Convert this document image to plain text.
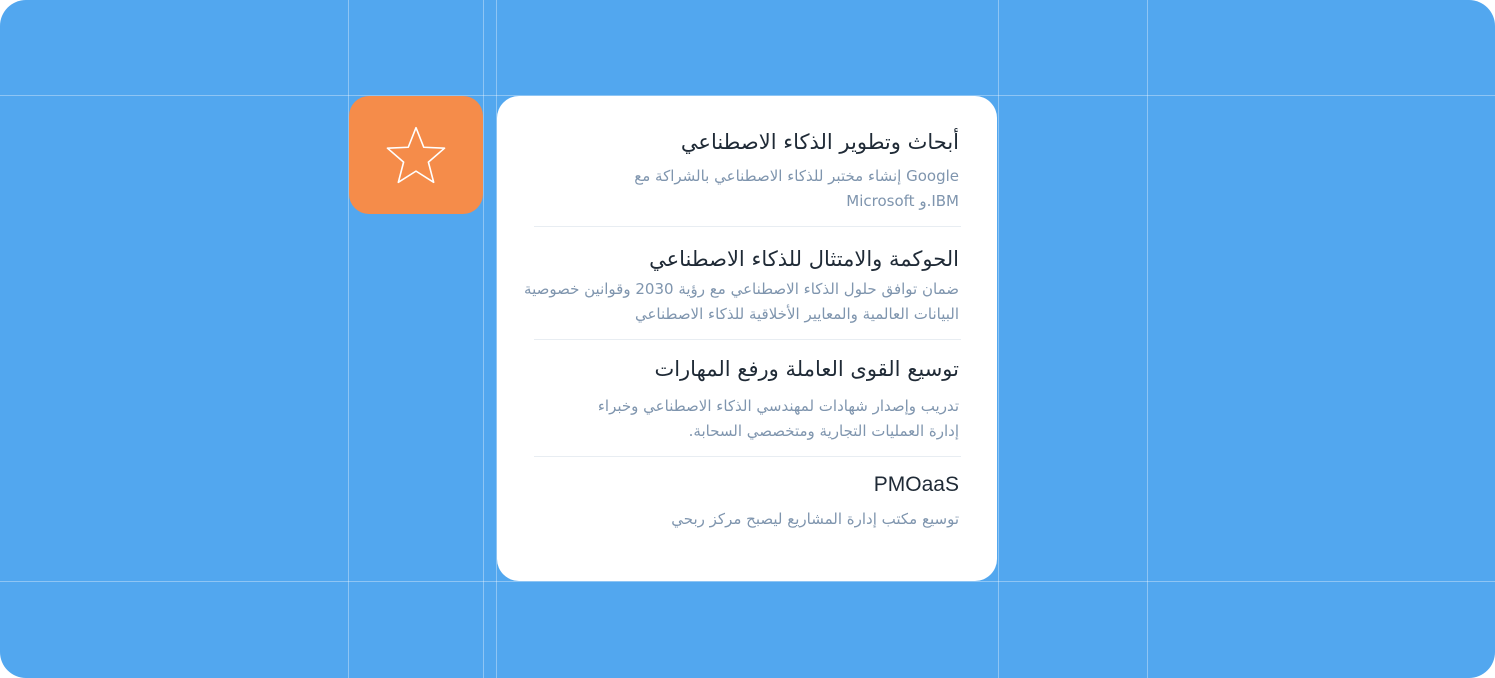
أبحاث وتطوير الذكاء الاصطناعي

Google إنشاء مختبر للذكاء الاصطناعي بالشراكة مع IBM.و Microsoft

الحوكمة والامتثال للذكاء الاصطناعي

ضمان توافق حلول الذكاء الاصطناعي مع رؤية 2030 وقوانين خصوصية البيانات العالمية والمعايير الأخلاقية للذكاء الاصطناعي

توسيع القوى العاملة ورفع المهارات

تدريب وإصدار شهادات لمهندسي الذكاء الاصطناعي وخبراء إدارة العمليات التجارية ومتخصصي السحابة.

PMOaaS

توسيع مكتب إدارة المشاريع ليصبح مركز ربحي
